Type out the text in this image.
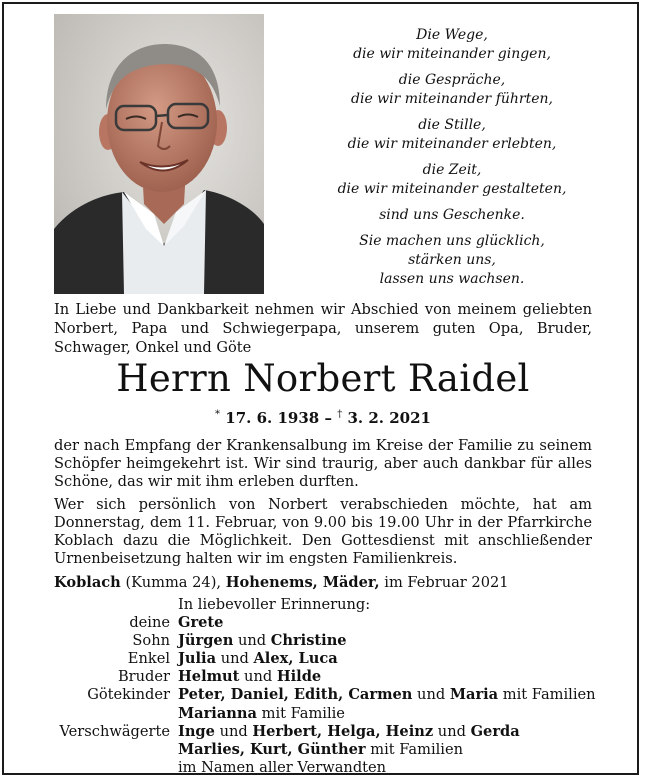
Die Wege,
die wir miteinander gingen,

die Gespräche,
die wir miteinander führten,

die Stille,
die wir miteinander erlebten,

die Zeit,
die wir miteinander gestalteten,

sind uns Geschenke.

Sie machen uns glücklich,
stärken uns,
lassen uns wachsen.

In Liebe und Dankbarkeit nehmen wir Abschied von meinem geliebten Norbert, Papa und Schwiegerpapa, unserem guten Opa, Bruder, Schwager, Onkel und Göte
Herrn Norbert Raidel
* 17. 6. 1938 – † 3. 2. 2021
der nach Empfang der Krankensalbung im Kreise der Familie zu seinem Schöpfer heimgekehrt ist. Wir sind traurig, aber auch dankbar für alles Schöne, das wir mit ihm erleben durften.
Wer sich persönlich von Norbert verabschieden möchte, hat am Donnerstag, dem 11. Februar, von 9.00 bis 19.00 Uhr in der Pfarrkirche Koblach dazu die Möglichkeit. Den Gottesdienst mit anschließender Urnenbeisetzung halten wir im engsten Familienkreis.
Koblach (Kumma 24), Hohenems, Mäder, im Februar 2021
In liebevoller Erinnerung:
deine Grete
Sohn Jürgen und Christine
Enkel Julia und Alex, Luca
Bruder Helmut und Hilde
Götekinder Peter, Daniel, Edith, Carmen und Maria mit Familien
Marianna mit Familie
Verschwägerte Inge und Herbert, Helga, Heinz und Gerda
Marlies, Kurt, Günther mit Familien
im Namen aller Verwandten
